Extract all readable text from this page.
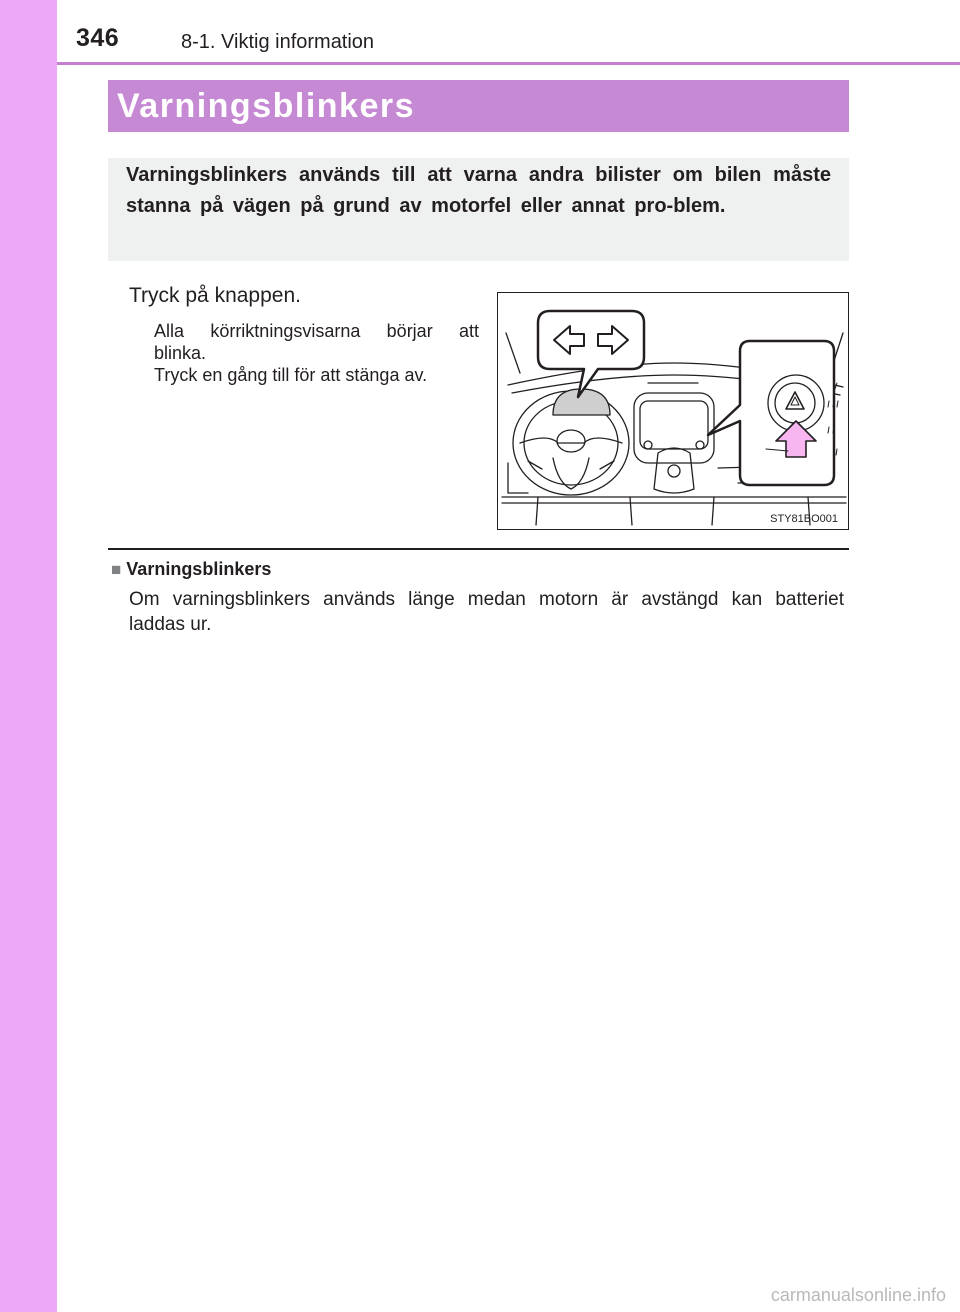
346	8-1. Viktig information
Varningsblinkers
Varningsblinkers används till att varna andra bilister om bilen måste stanna på vägen på grund av motorfel eller annat pro-blem.
Tryck på knappen.

Alla körriktningsvisarna börjar att

blinka.

Tryck en gång till för att stänga av.

STY81BO001
■ Varningsblinkers
Om varningsblinkers används länge medan motorn är avstängd kan batteriet
laddas ur.
carmanualsonline.info
